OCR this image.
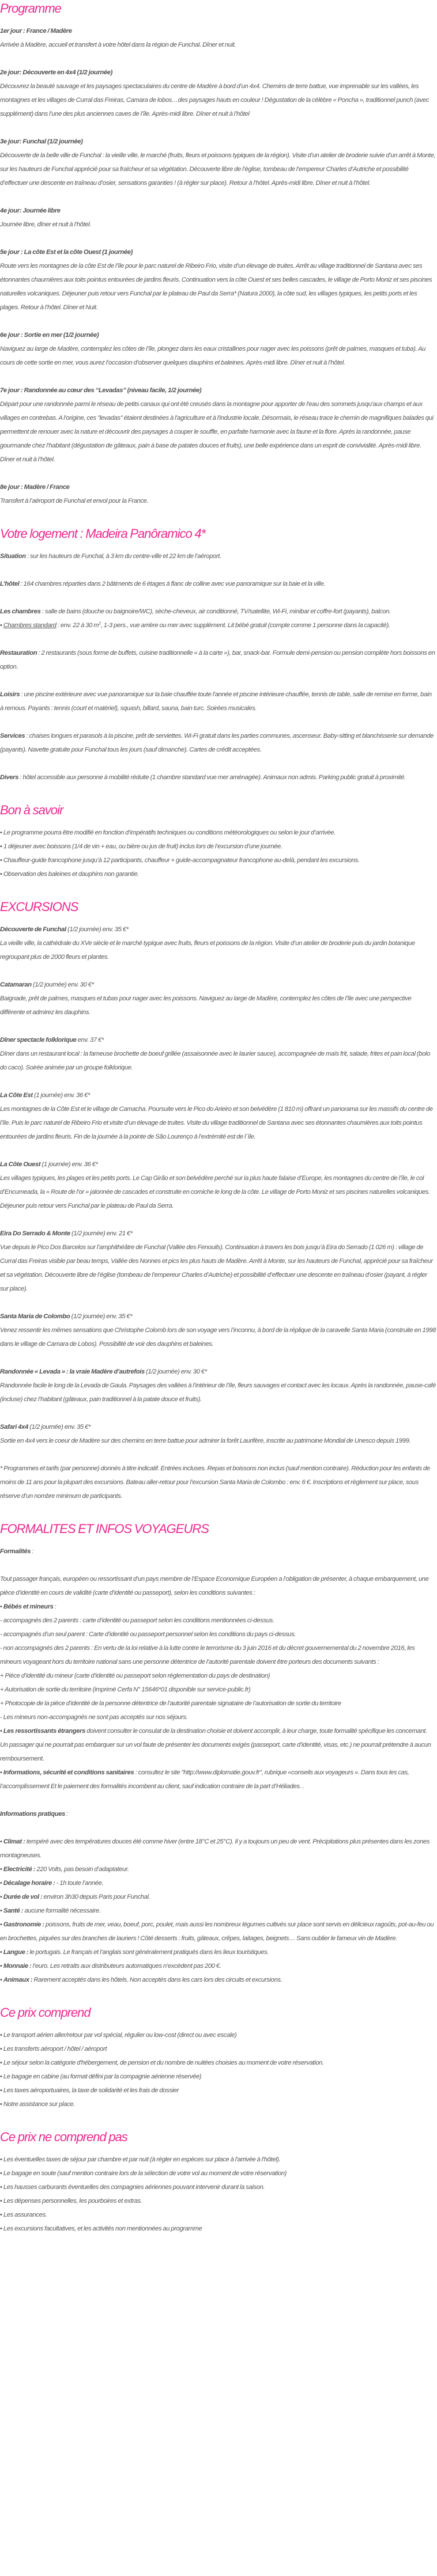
Programme
1er jour : France / Madère

Arrivée à Madère, accueil et transfert à votre hôtel dans la région de Funchal. Dîner et nuit.

2e jour: Découverte en 4x4 (1/2 journée)

Découvrez la beauté sauvage et les paysages spectaculaires du centre de Madère à bord d’un 4x4. Chemins de terre battue, vue imprenable sur les vallées, les montagnes et les villages de Curral das Freiras, Camara de lobos…des paysages hauts en couleur ! Dégustation de la célèbre « Poncha », traditionnel punch (avec supplément) dans l’une des plus anciennes caves de l’île. Après-midi libre. Dîner et nuit à l’hôtel

3e jour: Funchal (1/2 journée)

Découverte de la belle ville de Funchal : la vieille ville, le marché (fruits, fleurs et poissons typiques de la région). Visite d’un atelier de broderie suivie d’un arrêt à Monte, sur les hauteurs de Funchal apprécié pour sa fraîcheur et sa végétation. Découverte libre de l’église, tombeau de l’empereur Charles d’Autriche et possibilité d’effectuer une descente en traîneau d’osier, sensations garanties ! (à régler sur place). Retour à l’hôtel. Après-midi libre. Dîner et nuit à l’hôtel.

4e jour: Journée libre

Journée libre, dîner et nuit à l’hôtel.

5e jour : La côte Est et la côte Ouest (1 journée)

Route vers les montagnes de la côte Est de l’île pour le parc naturel de Ribeiro Frio, visite d’un élevage de truites. Arrêt au village traditionnel de Santana avec ses étonnantes chaumières aux toits pointus entourées de jardins fleuris. Continuation vers la côte Ouest et ses belles cascades, le village de Porto Moniz et ses piscines naturelles volcaniques. Déjeuner puis retour vers Funchal par le plateau de Paul da Serra* (Natura 2000), la côte sud, les villages typiques, les petits ports et les plages. Retour à l’hôtel. Dîner et Nuit.

6e jour : Sortie en mer (1/2 journée)

Naviguez au large de Madère, contemplez les côtes de l’île, plongez dans les eaux cristallines pour nager avec les poissons (prêt de palmes, masques et tuba). Au cours de cette sortie en mer, vous aurez l’occasion d’observer quelques dauphins et baleines. Après-midi libre. Dîner et nuit à l’hôtel.

7e jour : Randonnée au cœur des “Levadas” (niveau facile, 1/2 journée)

Départ pour une randonnée parmi le réseau de petits canaux qui ont été creusés dans la montagne pour apporter de l'eau des sommets jusqu'aux champs et aux villages en contrebas. A l'origine, ces "levadas" étaient destinées à l'agriculture et à l'industrie locale. Désormais, le réseau trace le chemin de magnifiques balades qui permettent de renouer avec la nature et découvrir des paysages à couper le souffle, en parfaite harmonie avec la faune et la flore. Après la randonnée, pause gourmande chez l’habitant (dégustation de gâteaux, pain à base de patates douces et fruits), une belle expérience dans un esprit de convivialité. Après-midi libre. Dîner et nuit à l’hôtel.

8e jour : Madère / France

Transfert à l’aéroport de Funchal et envol pour la France.

Votre logement : Madeira Panôramico 4*

Situation : sur les hauteurs de Funchal, à 3 km du centre-ville et 22 km de l’aéroport.

L’hôtel : 164 chambres réparties dans 2 bâtiments de 6 étages à flanc de colline avec vue panoramique sur la baie et la ville.

Les chambres : salle de bains (douche ou baignoire/WC), sèche-cheveux, air conditionné, TV/satellite, Wi-Fi, minibar et coffre-fort (payants), balcon.

• Chambres standard : env. 22 à 30 $m^2$, 1-3 pers., vue arrière ou mer avec supplément. Lit bébé gratuit (compte comme 1 personne dans la capacité).

Restauration : 2 restaurants (sous forme de buffets, cuisine traditionnelle « à la carte »), bar, snack-bar. Formule demi-pension ou pension complète hors boissons en option.

Loisirs : une piscine extérieure avec vue panoramique sur la baie chauffée toute l'année et piscine intérieure chauffée, tennis de table, salle de remise en forme, bain à remous. Payants : tennis (court et matériel), squash, billard, sauna, bain turc. Soirées musicales.

Services : chaises longues et parasols à la piscine, prêt de serviettes. Wi-Fi gratuit dans les parties communes, ascenseur. Baby-sitting et blanchisserie sur demande (payants). Navette gratuite pour Funchal tous les jours (sauf dimanche). Cartes de crédit acceptées.

Divers : hôtel accessible aux personne à mobilité réduite (1 chambre standard vue mer aménagée). Animaux non admis. Parking public gratuit à proximité.

Bon à savoir
• Le programme pourra être modifié en fonction d’impératifs techniques ou conditions météorologiques ou selon le jour d’arrivée.
• 1 déjeuner avec boissons (1/4 de vin + eau, ou bière ou jus de fruit) inclus lors de l’excursion d’une journée.
• Chauffeur-guide francophone jusqu’à 12 participants, chauffeur + guide-accompagnateur francophone au-delà, pendant les excursions.
• Observation des baleines et dauphins non garantie.
EXCURSIONS

Découverte de Funchal (1/2 journée) env. 35 €*

La vieille ville, la cathédrale du XVe siècle et le marché typique avec fruits, fleurs et poissons de la région. Visite d’un atelier de broderie puis du jardin botanique regroupant plus de 2000 fleurs et plantes.

Catamaran (1/2 journée) env. 30 €*

Baignade, prêt de palmes, masques et tubas pour nager avec les poissons. Naviguez au large de Madère, contemplez les côtes de l’île avec une perspective différente et admirez les dauphins.

Dîner spectacle folklorique env. 37 €*

Dîner dans un restaurant local : la fameuse brochette de boeuf grillée (assaisonnée avec le laurier sauce), accompagnée de maïs frit, salade, frites et pain local (bolo do caco). Soirée animée par un groupe folklorique.

La Côte Est (1 journée) env. 36 €*

Les montagnes de la Côte Est et le village de Camacha. Poursuite vers le Pico do Arieiro et son belvédère (1 810 m) offrant un panorama sur les massifs du centre de l’île. Puis le parc naturel de Ribeiro Frio et visite d’un élevage de truites. Visite du village traditionnel de Santana avec ses étonnantes chaumières aux toits pointus entourées de jardins fleuris. Fin de la journée à la pointe de São Lourenço à l’extrémité est de l´île.

La Côte Ouest (1 journée) env. 36 €*

Les villages typiques, les plages et les petits ports. Le Cap Girão et son belvédère perché sur la plus haute falaise d’Europe, les montagnes du centre de l’île, le col d’Encumeada, la « Route de l’or » jalonnée de cascades et construite en corniche le long de la côte. Le village de Porto Moniz et ses piscines naturelles volcaniques. Déjeuner puis retour vers Funchal par le plateau de Paul da Serra.

Eira Do Serrado & Monte (1/2 journée) env. 21 €*

Vue depuis le Pico Dos Barcelos sur l’amphithéâtre de Funchal (Vallée des Fenouils). Continuation à travers les bois jusqu’à Eira do Serrado (1 026 m) : village de Curral das Freiras visible par beau temps, Vallée des Nonnes et pics les plus hauts de Madère. Arrêt à Monte, sur les hauteurs de Funchal, apprécié pour sa fraîcheur et sa végétation. Découverte libre de l’église (tombeau de l’empereur Charles d’Autriche) et possibilité d’effectuer une descente en traîneau d’osier (payant, à régler sur place).

Santa Maria de Colombo (1/2 journée) env. 35 €*

Venez ressentir les mêmes sensations que Christophe Colomb lors de son voyage vers l’inconnu, à bord de la réplique de la caravelle Santa Maria (construite en 1998 dans le village de Camara de Lobos). Possibilité de voir des dauphins et baleines.

Randonnée « Levada » : la vraie Madère d’autrefois (1/2 journée) env. 30 €*

Randonnée facile le long de la Levada de Gaula. Paysages des vallées à l’intérieur de l’île, fleurs sauvages et contact avec les locaux. Après la randonnée, pause-café (incluse) chez l’habitant (gâteaux, pain traditionnel à la patate douce et fruits).

Safari 4x4 (1/2 journée) env. 35 €*

Sortie en 4x4 vers le coeur de Madère sur des chemins en terre battue pour admirer la forêt Laurifère, inscrite au patrimoine Mondial de Unesco depuis 1999.

* Programmes et tarifs (par personne) donnés à titre indicatif. Entrées incluses. Repas et boissons non inclus (sauf mention contraire). Réduction pour les enfants de moins de 11 ans pour la plupart des excursions. Bateau aller-retour pour l’excursion Santa Maria de Colombo : env. 6 €. Inscriptions et règlement sur place, sous réserve d’un nombre minimum de participants.

FORMALITES ET INFOS VOYAGEURS

Formalités :

Tout passager français, européen ou ressortissant d’un pays membre de l’Espace Economique Européen a l’obligation de présenter, à chaque embarquement, une pièce d’identité en cours de validité (carte d’identité ou passeport), selon les conditions suivantes :

• Bébés et mineurs :

- accompagnés des 2 parents : carte d’identité ou passeport selon les conditions mentionnées ci-dessus.

- accompagnés d’un seul parent : Carte d’identité ou passeport personnel selon les conditions du pays ci-dessus.

- non accompagnés des 2 parents : En vertu de la loi relative à la lutte contre le terrorisme du 3 juin 2016 et du décret gouvernemental du 2 novembre 2016, les mineurs voyageant hors du territoire national sans une personne détentrice de l’autorité parentale doivent être porteurs des documents suivants :

+ Pièce d’identité du mineur (carte d’identité ou passeport selon règlementation du pays de destination)

+ Autorisation de sortie du territoire (imprimé Cerfa N° 15646*01 disponible sur service-public.fr)

+ Photocopie de la pièce d’identité de la personne détentrice de l’autorité parentale signataire de l’autorisation de sortie du territoire

- Les mineurs non-accompagnés ne sont pas acceptés sur nos séjours.

• Les ressortissants étrangers doivent consulter le consulat de la destination choisie et doivent accomplir, à leur charge, toute formalité spécifique les concernant. Un passager qui ne pourrait pas embarquer sur un vol faute de présenter les documents exigés (passeport, carte d’identité, visas, etc.) ne pourrait prétendre à aucun remboursement.

• Informations, sécurité et conditions sanitaires : consultez le site "http://www.diplomatie.gouv.fr", rubrique «conseils aux voyageurs ». Dans tous les cas, l’accomplissement Et le paiement des formalités incombent au client, sauf indication contraire de la part d’Héliades. .

Informations pratiques :

• Climat : tempéré avec des températures douces été comme hiver (entre 18°C et 25°C). Il y a toujours un peu de vent. Précipitations plus présentes dans les zones montagneuses.
• Electricité : 220 Volts, pas besoin d’adaptateur.
• Décalage horaire : - 1h toute l’année.
• Durée de vol : environ 3h30 depuis Paris pour Funchal.
• Santé : aucune formalité nécessaire.
• Gastronomie : poissons, fruits de mer, veau, boeuf, porc, poulet, mais aussi les nombreux légumes cultivés sur place sont servis en délicieux ragoûts, pot-au-feu ou en brochettes, piquées sur des branches de lauriers ! Côté desserts : fruits, gâteaux, crêpes, laitages, beignets… Sans oublier le fameux vin de Madère.
• Langue : le portugais. Le français et l’anglais sont généralement pratiqués dans les lieux touristiques.
• Monnaie : l’euro. Les retraits aux distributeurs automatiques n’excèdent pas 200 €.
• Animaux : Rarement acceptés dans les hôtels. Non acceptés dans les cars lors des circuits et excursions.
Ce prix comprend
• Le transport aérien aller/retour par vol spécial, régulier ou low-cost (direct ou avec escale)
• Les transferts aéroport / hôtel / aéroport
• Le séjour selon la catégorie d'hébergement, de pension et du nombre de nuitées choisies au moment de votre réservation.
• Le bagage en cabine (au format défini par la compagnie aérienne réservée)
• Les taxes aéroportuaires, la taxe de solidarité et les frais de dossier
• Notre assistance sur place.
Ce prix ne comprend pas
• Les éventuelles taxes de séjour par chambre et par nuit (à régler en espèces sur place à l'arrivée à l'hôtel).
• Le bagage en soute (sauf mention contraire lors de la sélection de votre vol au moment de votre réservation)
• Les hausses carburants éventuelles des compagnies aériennes pouvant intervenir durant la saison.
• Les dépenses personnelles, les pourboires et extras.
• Les assurances.
• Les excursions facultatives, et les activités non mentionnées au programme
